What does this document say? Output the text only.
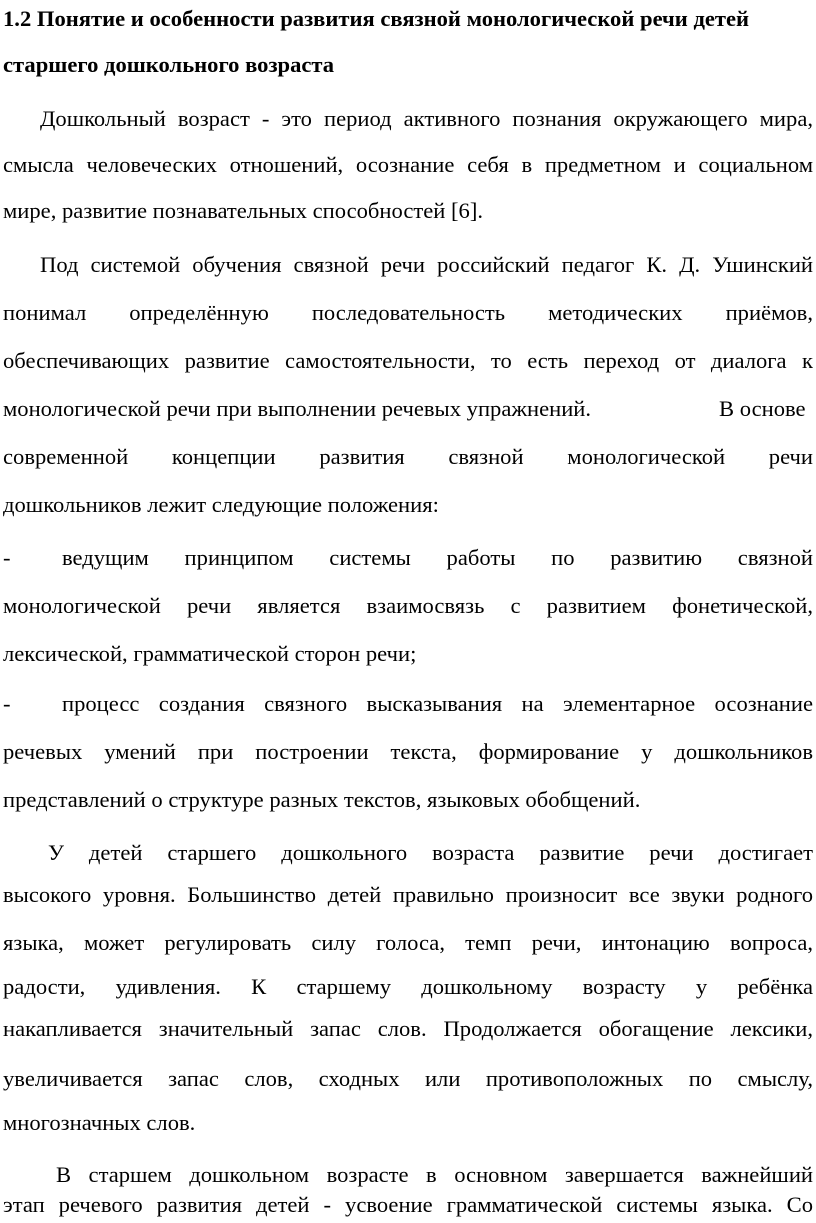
1.2 Понятие и особенности развития связной монологической речи детей
старшего дошкольного возраста
Дошкольный возраст - это период активного познания окружающего мира,
смысла человеческих отношений, осознание себя в предметном и социальном
мире, развитие познавательных способностей [6].
Под системой обучения связной речи российский педагог К. Д. Ушинский
понимал определённую последовательность методических приёмов,
обеспечивающих развитие самостоятельности, то есть переход от диалога к
монологической речи при выполнении речевых упражнений.	В основе
современной концепции развития связной монологической речи
дошкольников лежит следующие положения:
-	ведущим принципом системы работы по развитию связной
монологической речи является взаимосвязь с развитием фонетической,
лексической, грамматической сторон речи;
-	процесс создания связного высказывания на элементарное осознание
речевых умений при построении текста, формирование у дошкольников
представлений о структуре разных текстов, языковых обобщений.
У детей старшего дошкольного возраста развитие речи достигает
высокого уровня. Большинство детей правильно произносит все звуки родного
языка, может регулировать силу голоса, темп речи, интонацию вопроса,
радости, удивления. К старшему дошкольному возрасту у ребёнка
накапливается значительный запас слов. Продолжается обогащение лексики,
увеличивается запас слов, сходных или противоположных по смыслу,
многозначных слов.
В старшем дошкольном возрасте в основном завершается важнейший
этап речевого развития детей - усвоение грамматической системы языка. Со
